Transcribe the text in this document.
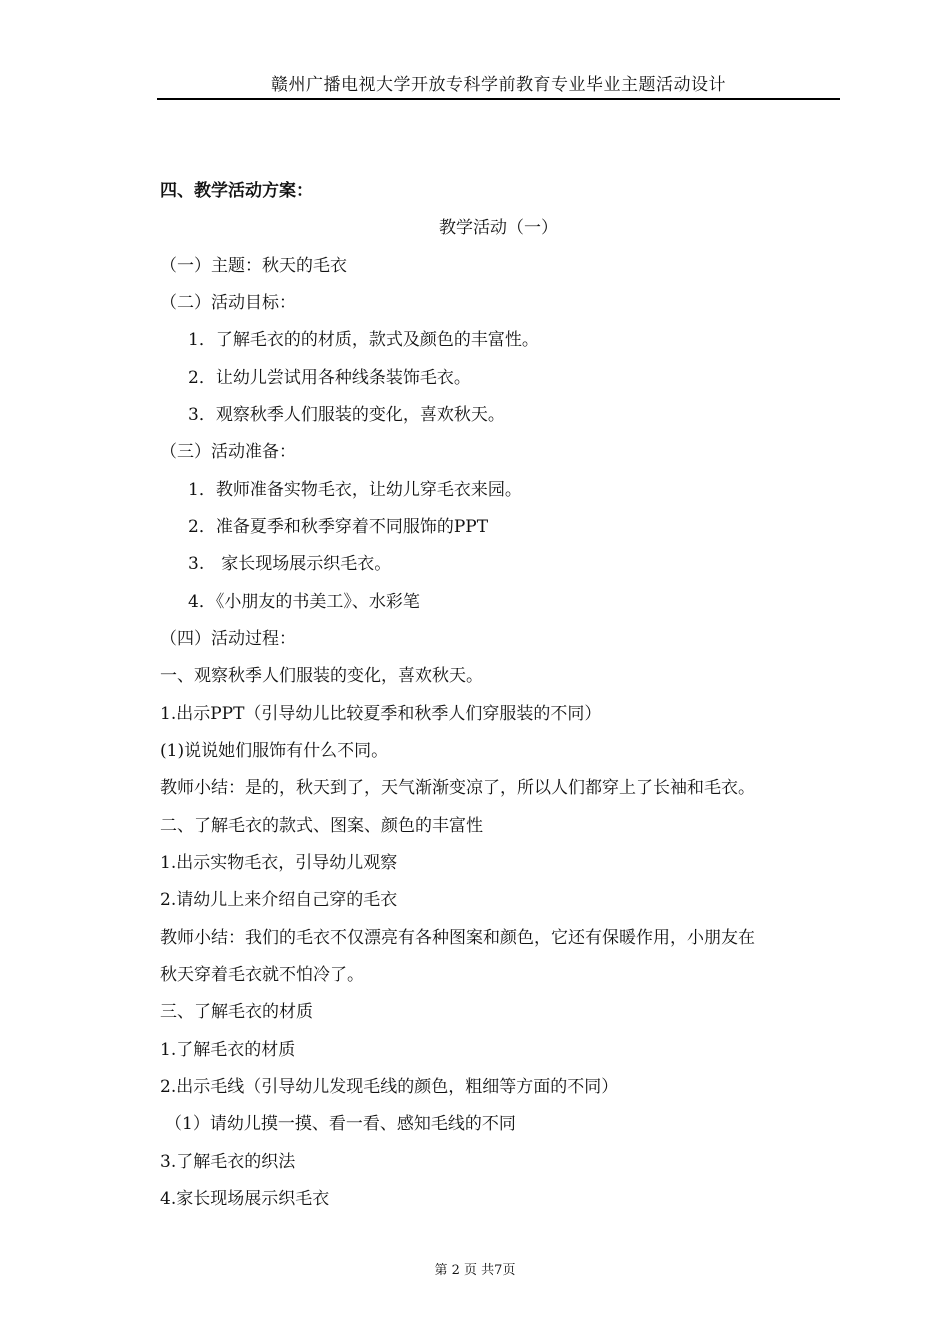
赣州广播电视大学开放专科学前教育专业毕业主题活动设计
四、教学活动方案：
教学活动（一）
（一）主题：秋天的毛衣
（二）活动目标：
1．了解毛衣的的材质，款式及颜色的丰富性。
2．让幼儿尝试用各种线条装饰毛衣。
3．观察秋季人们服装的变化，喜欢秋天。
（三）活动准备：
1．教师准备实物毛衣，让幼儿穿毛衣来园。
2．准备夏季和秋季穿着不同服饰的PPT
3.　家长现场展示织毛衣。
4．《小朋友的书美工》、水彩笔
（四）活动过程：
一、观察秋季人们服装的变化，喜欢秋天。
1.出示PPT（引导幼儿比较夏季和秋季人们穿服装的不同）
(1)说说她们服饰有什么不同。
教师小结：是的，秋天到了，天气渐渐变凉了，所以人们都穿上了长袖和毛衣。
二、了解毛衣的款式、图案、颜色的丰富性
1.出示实物毛衣，引导幼儿观察
2.请幼儿上来介绍自己穿的毛衣
教师小结：我们的毛衣不仅漂亮有各种图案和颜色，它还有保暖作用，小朋友在
秋天穿着毛衣就不怕冷了。
三、了解毛衣的材质
1.了解毛衣的材质
2.出示毛线（引导幼儿发现毛线的颜色，粗细等方面的不同）
（1）请幼儿摸一摸、看一看、感知毛线的不同
3.了解毛衣的织法
4.家长现场展示织毛衣
第 2 页 共7页
